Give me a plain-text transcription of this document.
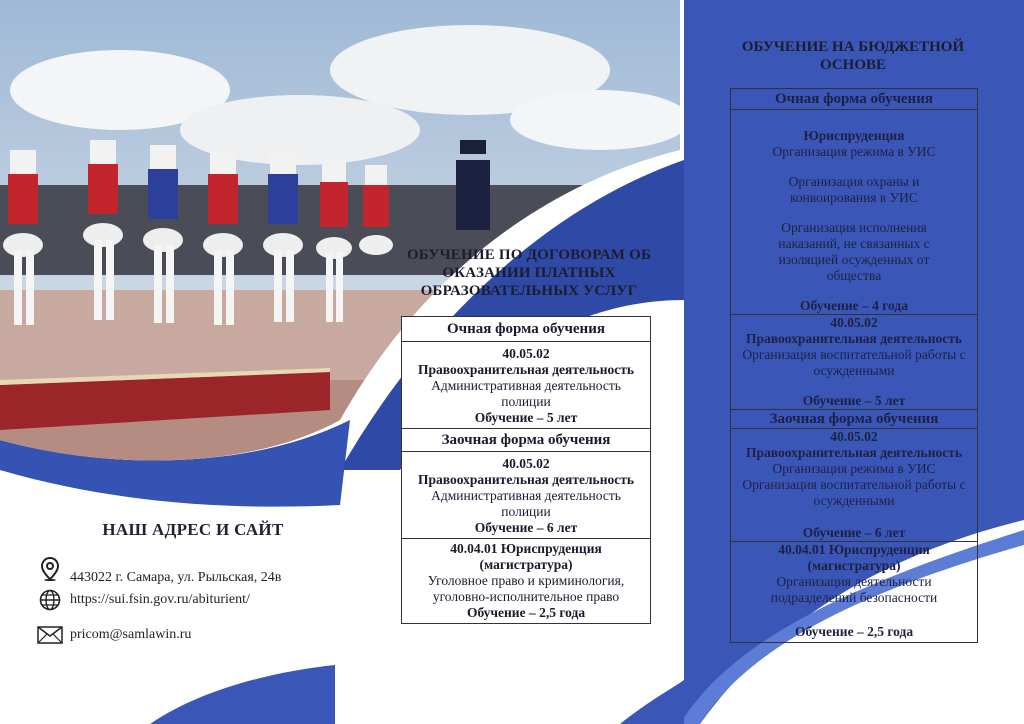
НАШ АДРЕС И САЙТ
443022 г. Самара, ул. Рыльская, 24в
https://sui.fsin.gov.ru/abiturient/
pricom@samlawin.ru
ОБУЧЕНИЕ ПО ДОГОВОРАМ ОБ ОКАЗАНИИ ПЛАТНЫХ ОБРАЗОВАТЕЛЬНЫХ УСЛУГ
Очная форма обучения

40.05.02
Правоохранительная деятельность
Административная деятельность полиции
Обучение – 5 лет

Заочная форма обучения

40.05.02
Правоохранительная деятельность
Административная деятельность полиции
Обучение – 6 лет

40.04.01 Юриспруденция (магистратура)
Уголовное право и криминология, уголовно-исполнительное право
Обучение – 2,5 года
ОБУЧЕНИЕ НА БЮДЖЕТНОЙ ОСНОВЕ
Очная форма обучения

Юриспруденция
Организация режима в УИС
Организация охраны и конвоирования в УИС
Организация исполнения наказаний, не связанных с изоляцией осужденных от общества
Обучение – 4 года

40.05.02
Правоохранительная деятельность
Организация воспитательной работы с осужденными
Обучение – 5 лет

Заочная форма обучения

40.05.02
Правоохранительная деятельность
Организация режима в УИС
Организация воспитательной работы с осужденными
Обучение – 6 лет

40.04.01 Юриспруденция (магистратура)
Организация деятельности подразделений безопасности
Обучение – 2,5 года
